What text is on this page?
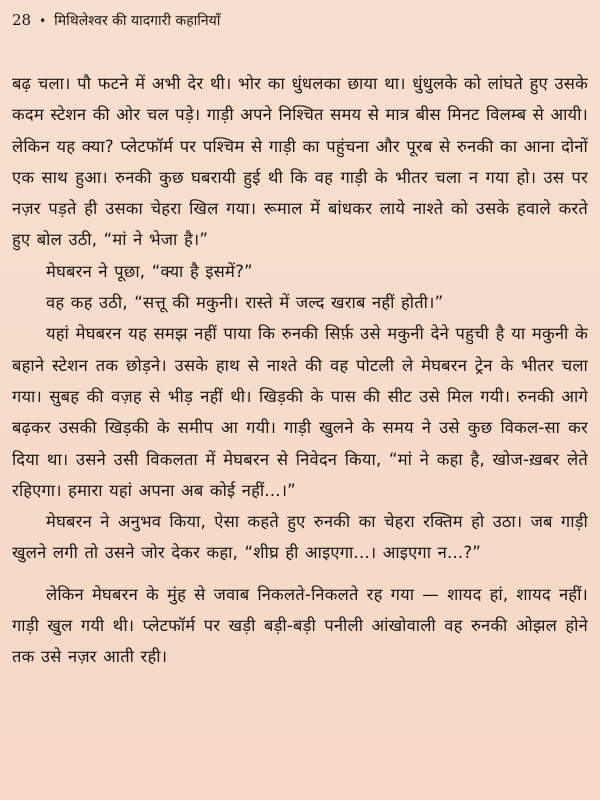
28 • मिथिलेश्वर की यादगारी कहानियाँ

बढ़ चला। पौ फटने में अभी देर थी। भोर का धुंधलका छाया था। धुंधुलके को लांघते हुए उसके कदम स्टेशन की ओर चल पड़े। गाड़ी अपने निश्चित समय से मात्र बीस मिनट विलम्ब से आयी। लेकिन यह क्या? प्लेटफॉर्म पर पश्चिम से गाड़ी का पहुंचना और पूरब से रुनकी का आना दोनों एक साथ हुआ। रुनकी कुछ घबरायी हुई थी कि वह गाड़ी के भीतर चला न गया हो। उस पर नज़र पड़ते ही उसका चेहरा खिल गया। रूमाल में बांधकर लाये नाश्ते को उसके हवाले करते हुए बोल उठी, “मां ने भेजा है।”

मेघबरन ने पूछा, “क्या है इसमें?”

वह कह उठी, “सत्तू की मकुनी। रास्ते में जल्द खराब नहीं होती।”

यहां मेघबरन यह समझ नहीं पाया कि रुनकी सिर्फ़ उसे मकुनी देने पहुची है या मकुनी के बहाने स्टेशन तक छोड़ने। उसके हाथ से नाश्ते की वह पोटली ले मेघबरन ट्रेन के भीतर चला गया। सुबह की वज़ह से भीड़ नहीं थी। खिड़की के पास की सीट उसे मिल गयी। रुनकी आगे बढ़कर उसकी खिड़की के समीप आ गयी। गाड़ी खुलने के समय ने उसे कुछ विकल-सा कर दिया था। उसने उसी विकलता में मेघबरन से निवेदन किया, “मां ने कहा है, खोज-ख़बर लेते रहिएगा। हमारा यहां अपना अब कोई नहीं...।”

मेघबरन ने अनुभव किया, ऐसा कहते हुए रुनकी का चेहरा रक्तिम हो उठा। जब गाड़ी खुलने लगी तो उसने जोर देकर कहा, “शीघ्र ही आइएगा...। आइएगा न...?”

लेकिन मेघबरन के मुंह से जवाब निकलते-निकलते रह गया — शायद हां, शायद नहीं। गाड़ी खुल गयी थी। प्लेटफॉर्म पर खड़ी बड़ी-बड़ी पनीली आंखोवाली वह रुनकी ओझल होने तक उसे नज़र आती रही।
